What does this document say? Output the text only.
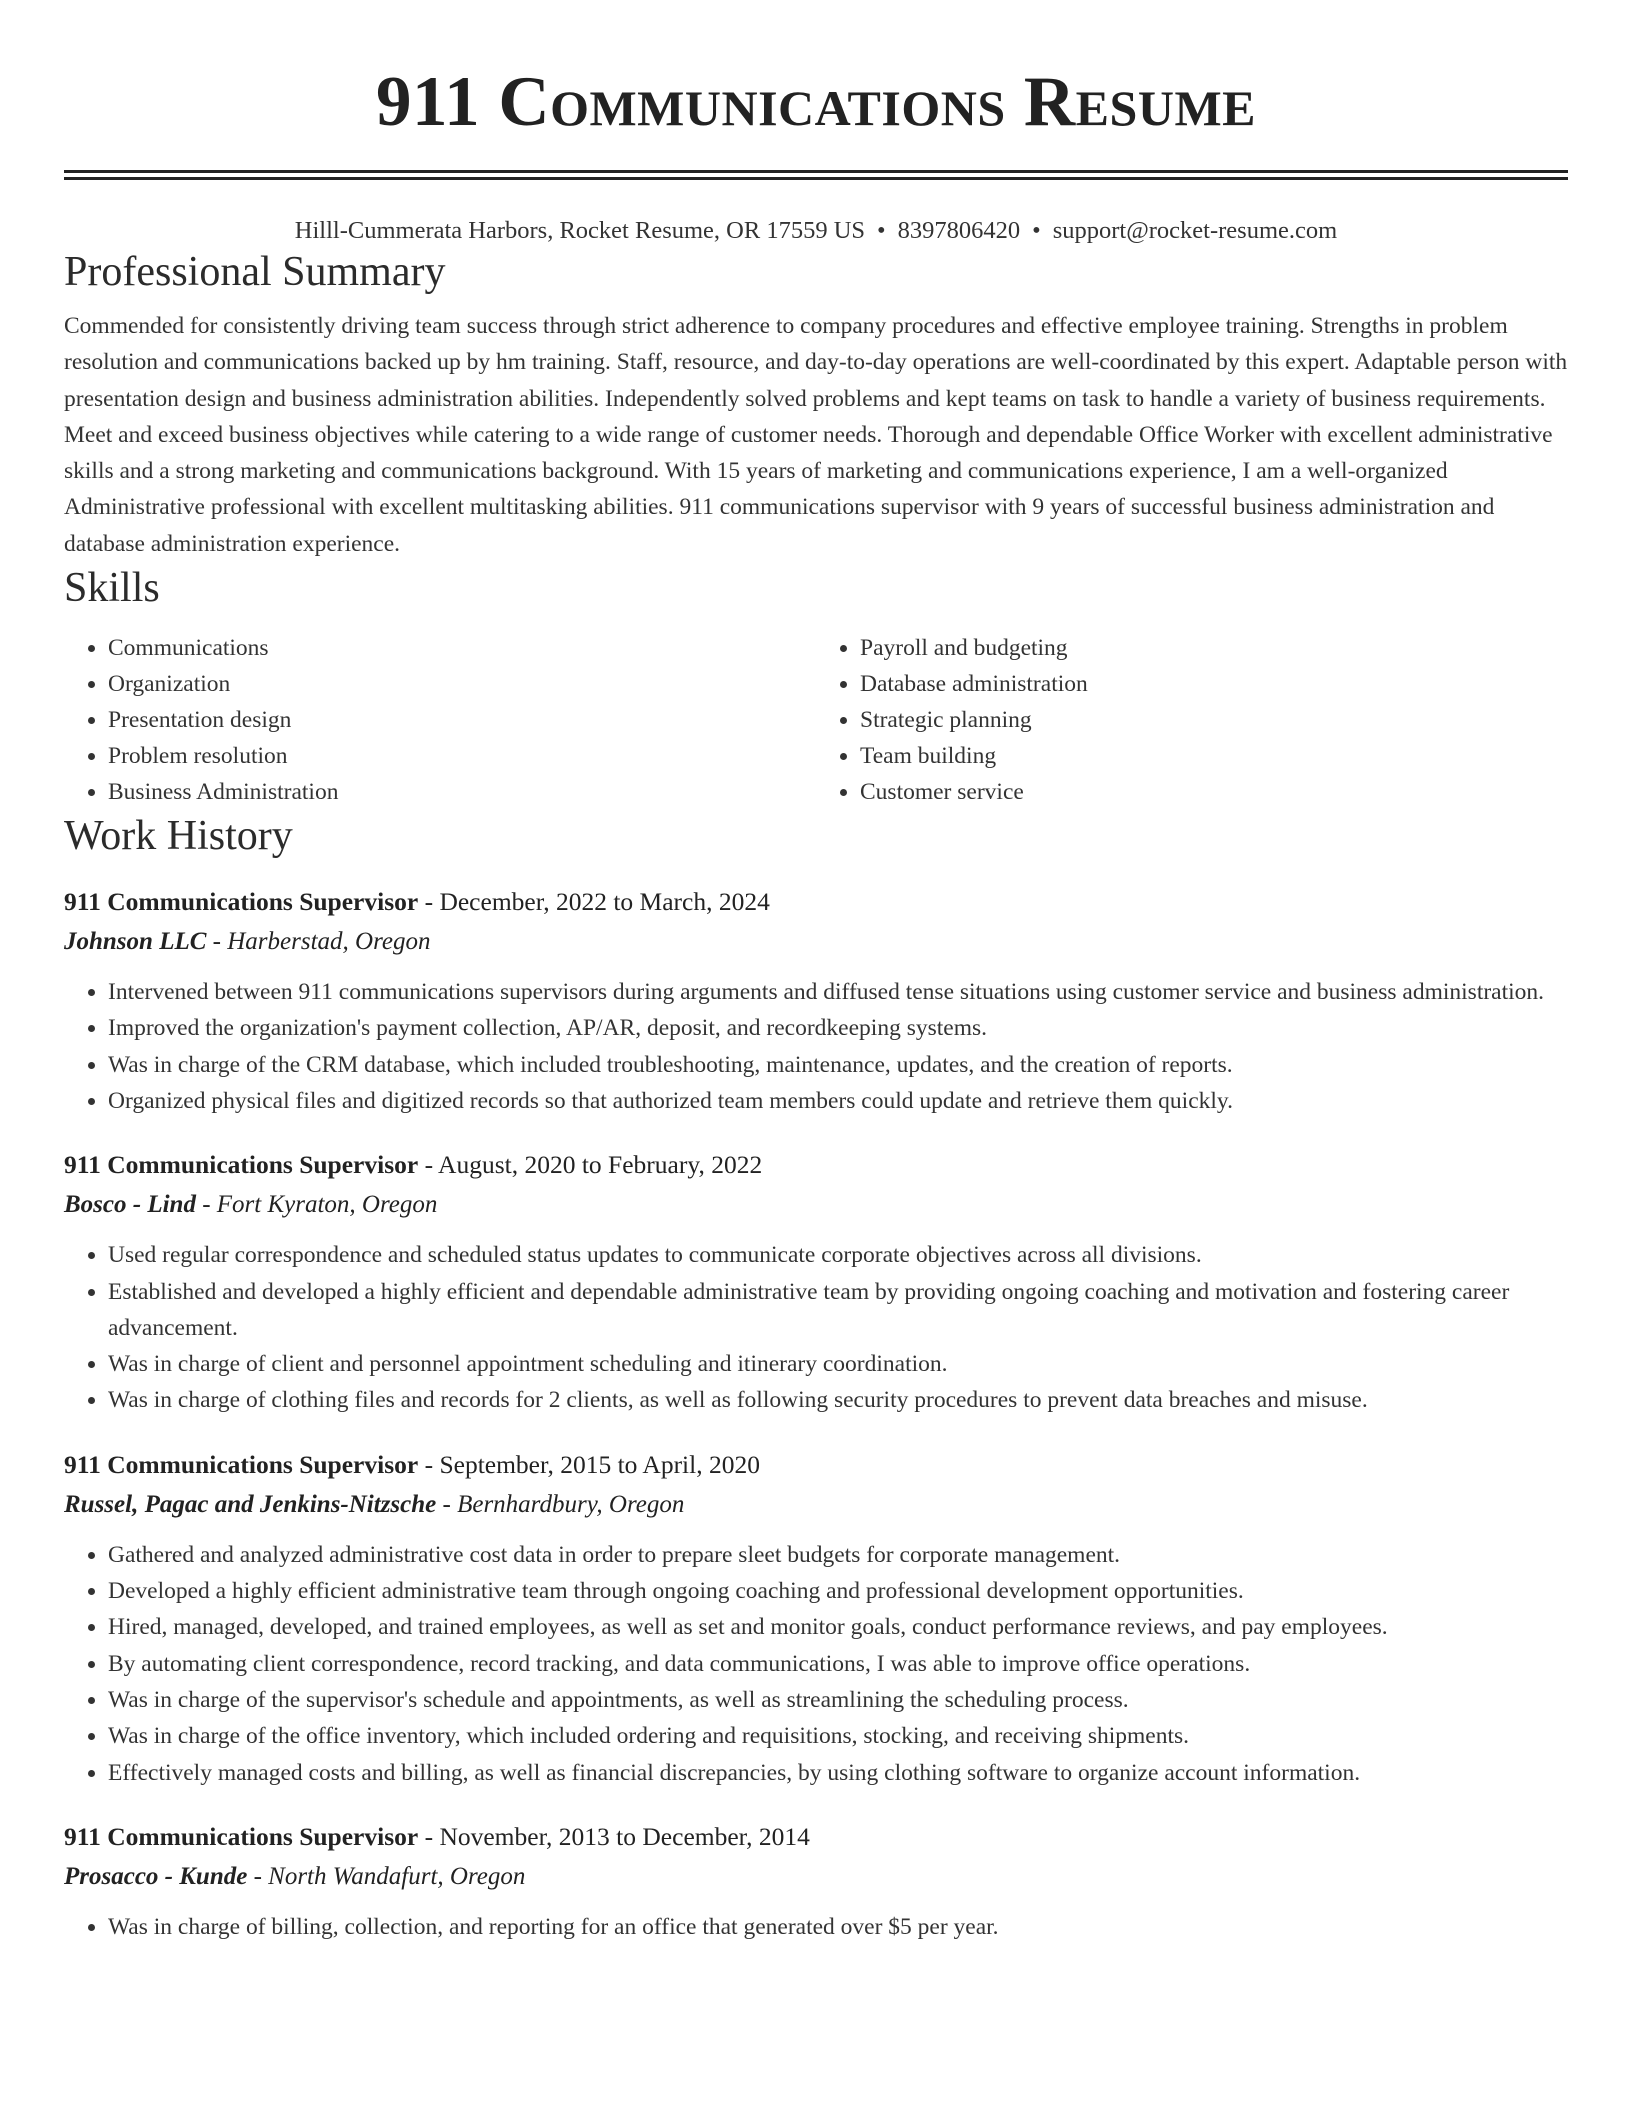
911 Communications Resume
Hilll-Cummerata Harbors, Rocket Resume, OR 17559 US • 8397806420 • support@rocket-resume.com
Professional Summary

Commended for consistently driving team success through strict adherence to company procedures and effective employee training. Strengths in problem resolution and communications backed up by hm training. Staff, resource, and day-to-day operations are well-coordinated by this expert. Adaptable person with presentation design and business administration abilities. Independently solved problems and kept teams on task to handle a variety of business requirements. Meet and exceed business objectives while catering to a wide range of customer needs. Thorough and dependable Office Worker with excellent administrative skills and a strong marketing and communications background. With 15 years of marketing and communications experience, I am a well-organized Administrative professional with excellent multitasking abilities. 911 communications supervisor with 9 years of successful business administration and database administration experience.

Skills
• Communications
• Organization
• Presentation design
• Problem resolution
• Business Administration
• Payroll and budgeting
• Database administration
• Strategic planning
• Team building
• Customer service
Work History
911 Communications Supervisor - December, 2022 to March, 2024
Johnson LLC - Harberstad, Oregon
• Intervened between 911 communications supervisors during arguments and diffused tense situations using customer service and business administration.
• Improved the organization's payment collection, AP/AR, deposit, and recordkeeping systems.
• Was in charge of the CRM database, which included troubleshooting, maintenance, updates, and the creation of reports.
• Organized physical files and digitized records so that authorized team members could update and retrieve them quickly.
911 Communications Supervisor - August, 2020 to February, 2022
Bosco - Lind - Fort Kyraton, Oregon
• Used regular correspondence and scheduled status updates to communicate corporate objectives across all divisions.
• Established and developed a highly efficient and dependable administrative team by providing ongoing coaching and motivation and fostering career advancement.
• Was in charge of client and personnel appointment scheduling and itinerary coordination.
• Was in charge of clothing files and records for 2 clients, as well as following security procedures to prevent data breaches and misuse.
911 Communications Supervisor - September, 2015 to April, 2020
Russel, Pagac and Jenkins-Nitzsche - Bernhardbury, Oregon
• Gathered and analyzed administrative cost data in order to prepare sleet budgets for corporate management.
• Developed a highly efficient administrative team through ongoing coaching and professional development opportunities.
• Hired, managed, developed, and trained employees, as well as set and monitor goals, conduct performance reviews, and pay employees.
• By automating client correspondence, record tracking, and data communications, I was able to improve office operations.
• Was in charge of the supervisor's schedule and appointments, as well as streamlining the scheduling process.
• Was in charge of the office inventory, which included ordering and requisitions, stocking, and receiving shipments.
• Effectively managed costs and billing, as well as financial discrepancies, by using clothing software to organize account information.
911 Communications Supervisor - November, 2013 to December, 2014
Prosacco - Kunde - North Wandafurt, Oregon
• Was in charge of billing, collection, and reporting for an office that generated over $5 per year.
